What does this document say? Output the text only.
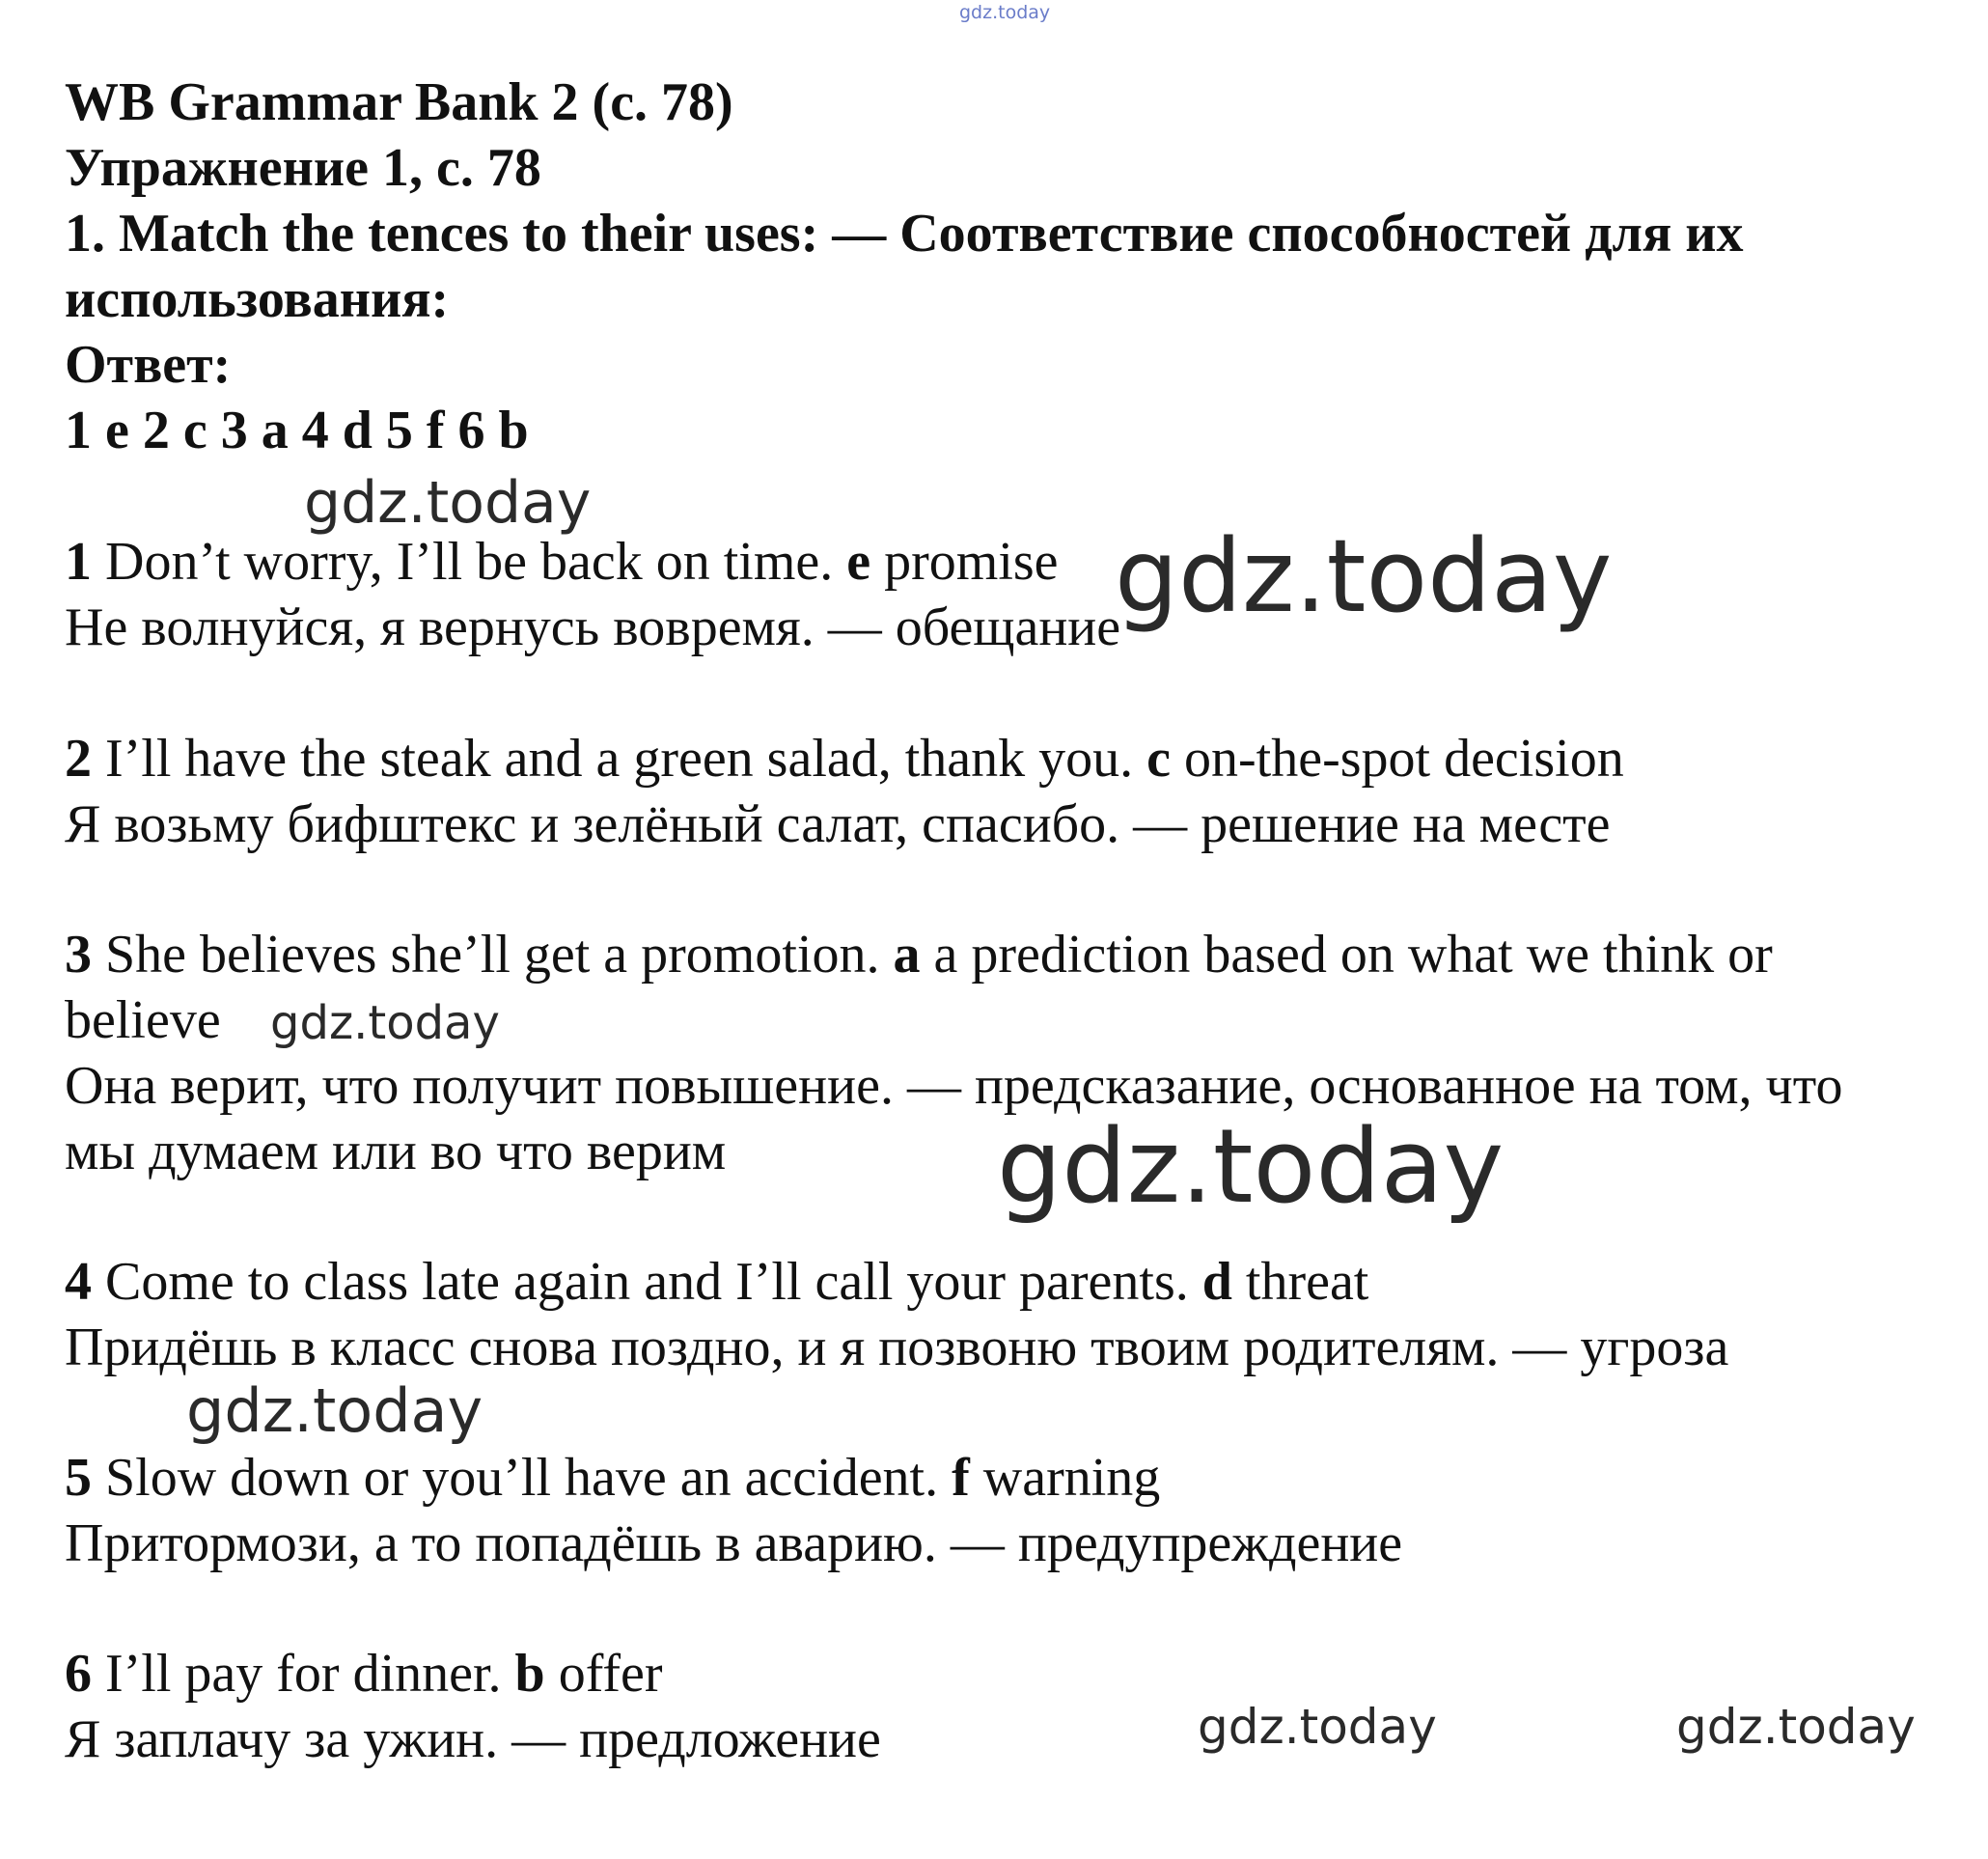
gdz.today
WB Grammar Bank 2 (с. 78)
Упражнение 1, с. 78
1. Match the tences to their uses: — Соответствие способностей для их
использования:
Ответ:
1 e 2 c 3 a 4 d 5 f 6 b
1 Don’t worry, I’ll be back on time. e promise
Не волнуйся, я вернусь вовремя. — обещание
2 I’ll have the steak and a green salad, thank you. c on-the-spot decision
Я возьму бифштекс и зелёный салат, спасибо. — решение на месте
3 She believes she’ll get a promotion. a a prediction based on what we think or
believe
Она верит, что получит повышение. — предсказание, основанное на том, что
мы думаем или во что верим
4 Come to class late again and I’ll call your parents. d threat
Придёшь в класс снова поздно, и я позвоню твоим родителям. — угроза
5 Slow down or you’ll have an accident. f warning
Притормози, а то попадёшь в аварию. — предупреждение
6 I’ll pay for dinner. b offer
Я заплачу за ужин. — предложение
gdz.today
gdz.today
gdz.today
gdz.today
gdz.today
gdz.today	gdz.today
